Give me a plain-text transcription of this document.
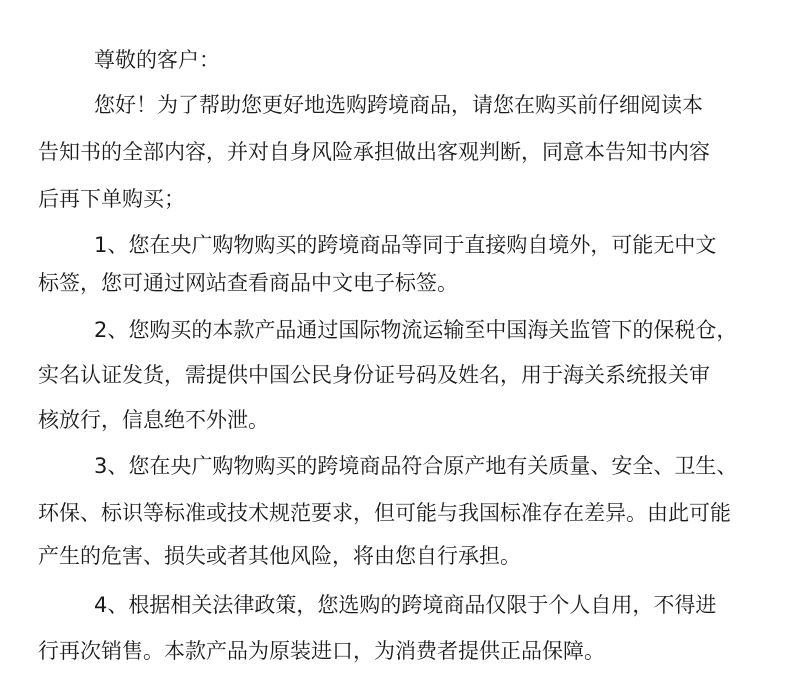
尊敬的客户：
您好！为了帮助您更好地选购跨境商品，请您在购买前仔细阅读本
告知书的全部内容，并对自身风险承担做出客观判断，同意本告知书内容
后再下单购买；
1、您在央广购物购买的跨境商品等同于直接购自境外，可能无中文
标签，您可通过网站查看商品中文电子标签。
2、您购买的本款产品通过国际物流运输至中国海关监管下的保税仓，
实名认证发货，需提供中国公民身份证号码及姓名，用于海关系统报关审
核放行，信息绝不外泄。
3、您在央广购物购买的跨境商品符合原产地有关质量、安全、卫生、
环保、标识等标准或技术规范要求，但可能与我国标准存在差异。由此可能
产生的危害、损失或者其他风险，将由您自行承担。
4、根据相关法律政策，您选购的跨境商品仅限于个人自用，不得进
行再次销售。本款产品为原装进口，为消费者提供正品保障。
